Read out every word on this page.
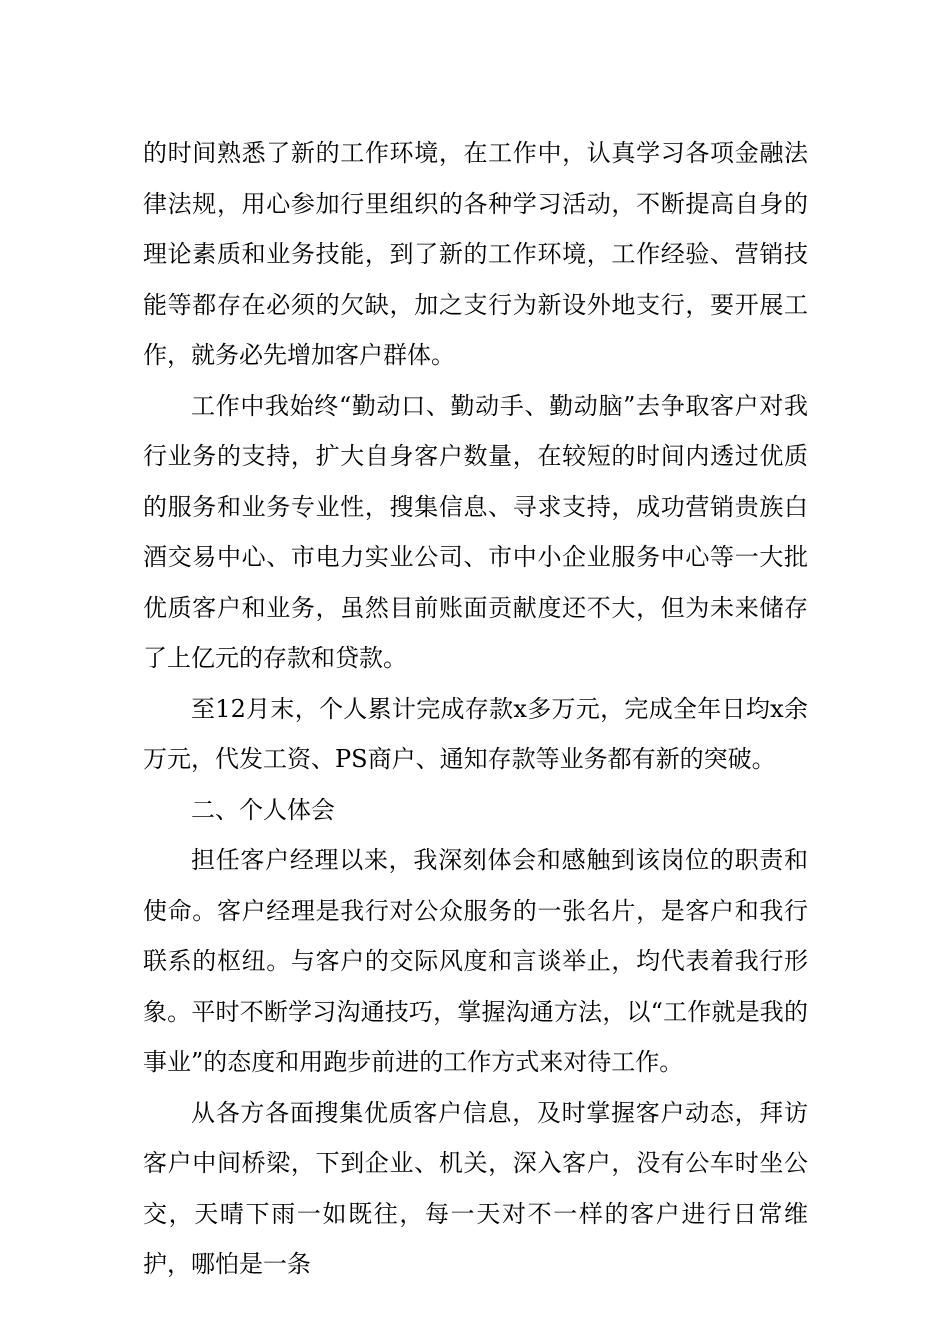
的时间熟悉了新的工作环境，在工作中，认真学习各项金融法律法规，用心参加行里组织的各种学习活动，不断提高自身的理论素质和业务技能，到了新的工作环境，工作经验、营销技能等都存在必须的欠缺，加之支行为新设外地支行，要开展工作，就务必先增加客户群体。

工作中我始终“勤动口、勤动手、勤动脑”去争取客户对我行业务的支持，扩大自身客户数量，在较短的时间内透过优质的服务和业务专业性，搜集信息、寻求支持，成功营销贵族白酒交易中心、市电力实业公司、市中小企业服务中心等一大批优质客户和业务，虽然目前账面贡献度还不大，但为未来储存了上亿元的存款和贷款。

至12月末，个人累计完成存款x多万元，完成全年日均x余万元，代发工资、PS商户、通知存款等业务都有新的突破。

二、个人体会

担任客户经理以来，我深刻体会和感触到该岗位的职责和使命。客户经理是我行对公众服务的一张名片，是客户和我行联系的枢纽。与客户的交际风度和言谈举止，均代表着我行形象。平时不断学习沟通技巧，掌握沟通方法，以“工作就是我的事业”的态度和用跑步前进的工作方式来对待工作。

从各方各面搜集优质客户信息，及时掌握客户动态，拜访客户中间桥梁，下到企业、机关，深入客户，没有公车时坐公交，天晴下雨一如既往，每一天对不一样的客户进行日常维护，哪怕是一条
